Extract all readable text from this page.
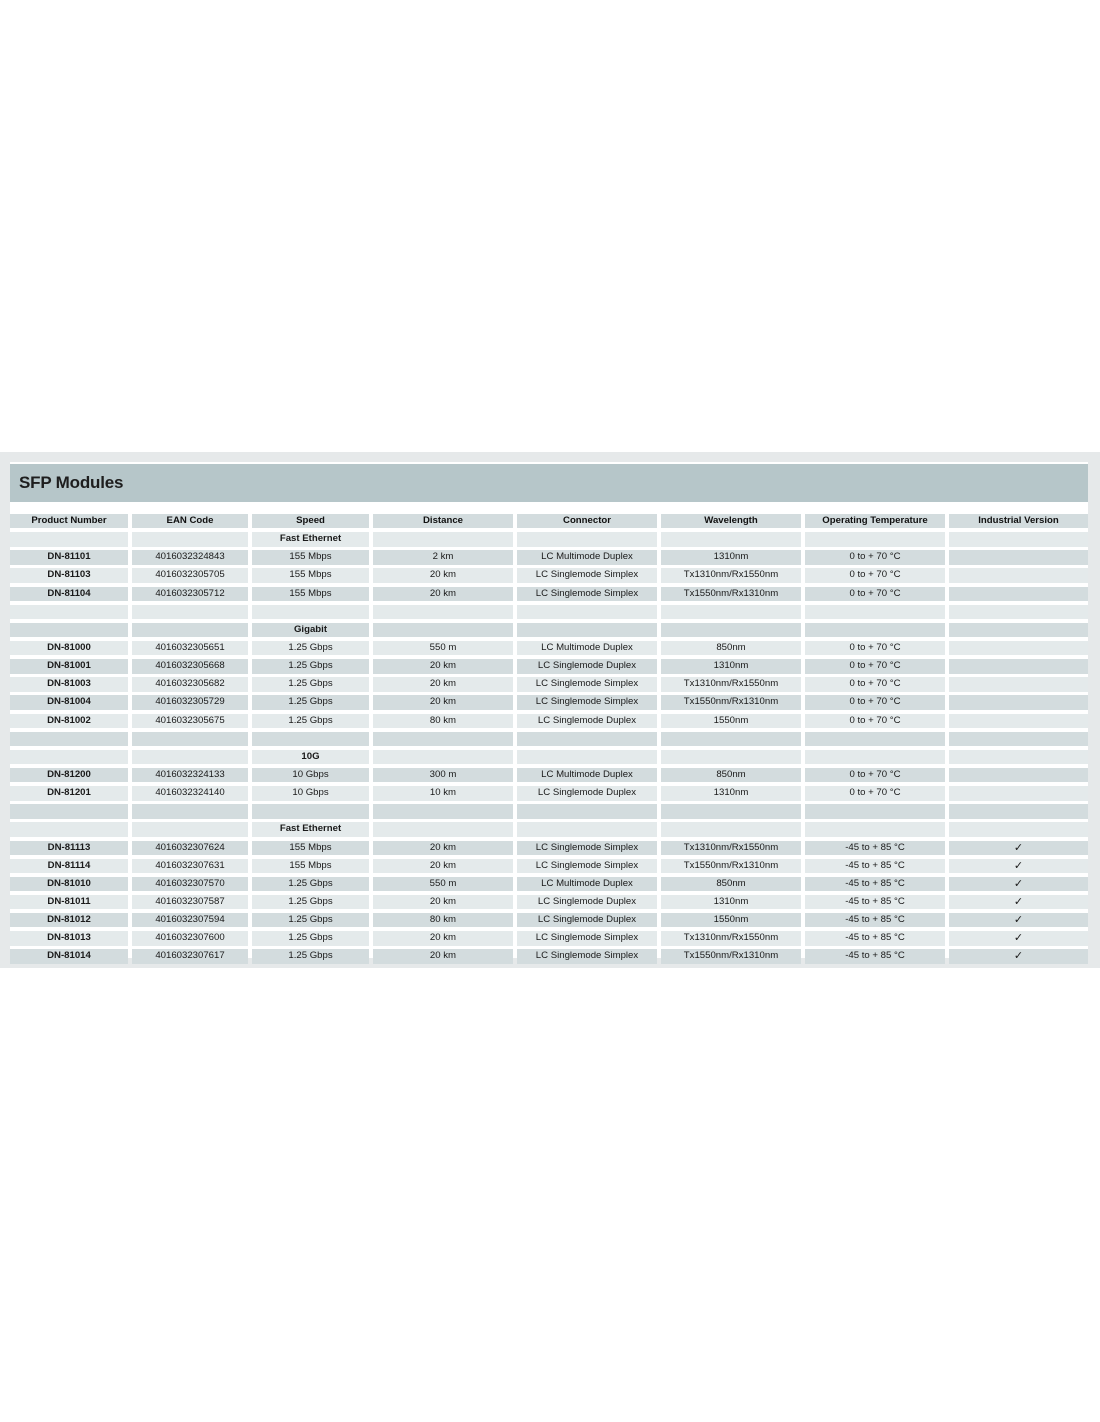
SFP Modules
Product Number	EAN Code	Speed	Distance	Connector	Wavelength	Operating Temperature	Industrial Version
Fast Ethernet
DN-81101	4016032324843	155 Mbps	2 km	LC Multimode Duplex	1310nm	0 to + 70 °C
DN-81103	4016032305705	155 Mbps	20 km	LC Singlemode Simplex	Tx1310nm/Rx1550nm	0 to + 70 °C
DN-81104	4016032305712	155 Mbps	20 km	LC Singlemode Simplex	Tx1550nm/Rx1310nm	0 to + 70 °C
Gigabit
DN-81000	4016032305651	1.25 Gbps	550 m	LC Multimode Duplex	850nm	0 to + 70 °C
DN-81001	4016032305668	1.25 Gbps	20 km	LC Singlemode Duplex	1310nm	0 to + 70 °C
DN-81003	4016032305682	1.25 Gbps	20 km	LC Singlemode Simplex	Tx1310nm/Rx1550nm	0 to + 70 °C
DN-81004	4016032305729	1.25 Gbps	20 km	LC Singlemode Simplex	Tx1550nm/Rx1310nm	0 to + 70 °C
DN-81002	4016032305675	1.25 Gbps	80 km	LC Singlemode Duplex	1550nm	0 to + 70 °C
10G
DN-81200	4016032324133	10 Gbps	300 m	LC Multimode Duplex	850nm	0 to + 70 °C
DN-81201	4016032324140	10 Gbps	10 km	LC Singlemode Duplex	1310nm	0 to + 70 °C
Fast Ethernet
DN-81113	4016032307624	155 Mbps	20 km	LC Singlemode Simplex	Tx1310nm/Rx1550nm	-45 to + 85 °C	✓
DN-81114	4016032307631	155 Mbps	20 km	LC Singlemode Simplex	Tx1550nm/Rx1310nm	-45 to + 85 °C	✓
DN-81010	4016032307570	1.25 Gbps	550 m	LC Multimode Duplex	850nm	-45 to + 85 °C	✓
DN-81011	4016032307587	1.25 Gbps	20 km	LC Singlemode Duplex	1310nm	-45 to + 85 °C	✓
DN-81012	4016032307594	1.25 Gbps	80 km	LC Singlemode Duplex	1550nm	-45 to + 85 °C	✓
DN-81013	4016032307600	1.25 Gbps	20 km	LC Singlemode Simplex	Tx1310nm/Rx1550nm	-45 to + 85 °C	✓
DN-81014	4016032307617	1.25 Gbps	20 km	LC Singlemode Simplex	Tx1550nm/Rx1310nm	-45 to + 85 °C	✓
